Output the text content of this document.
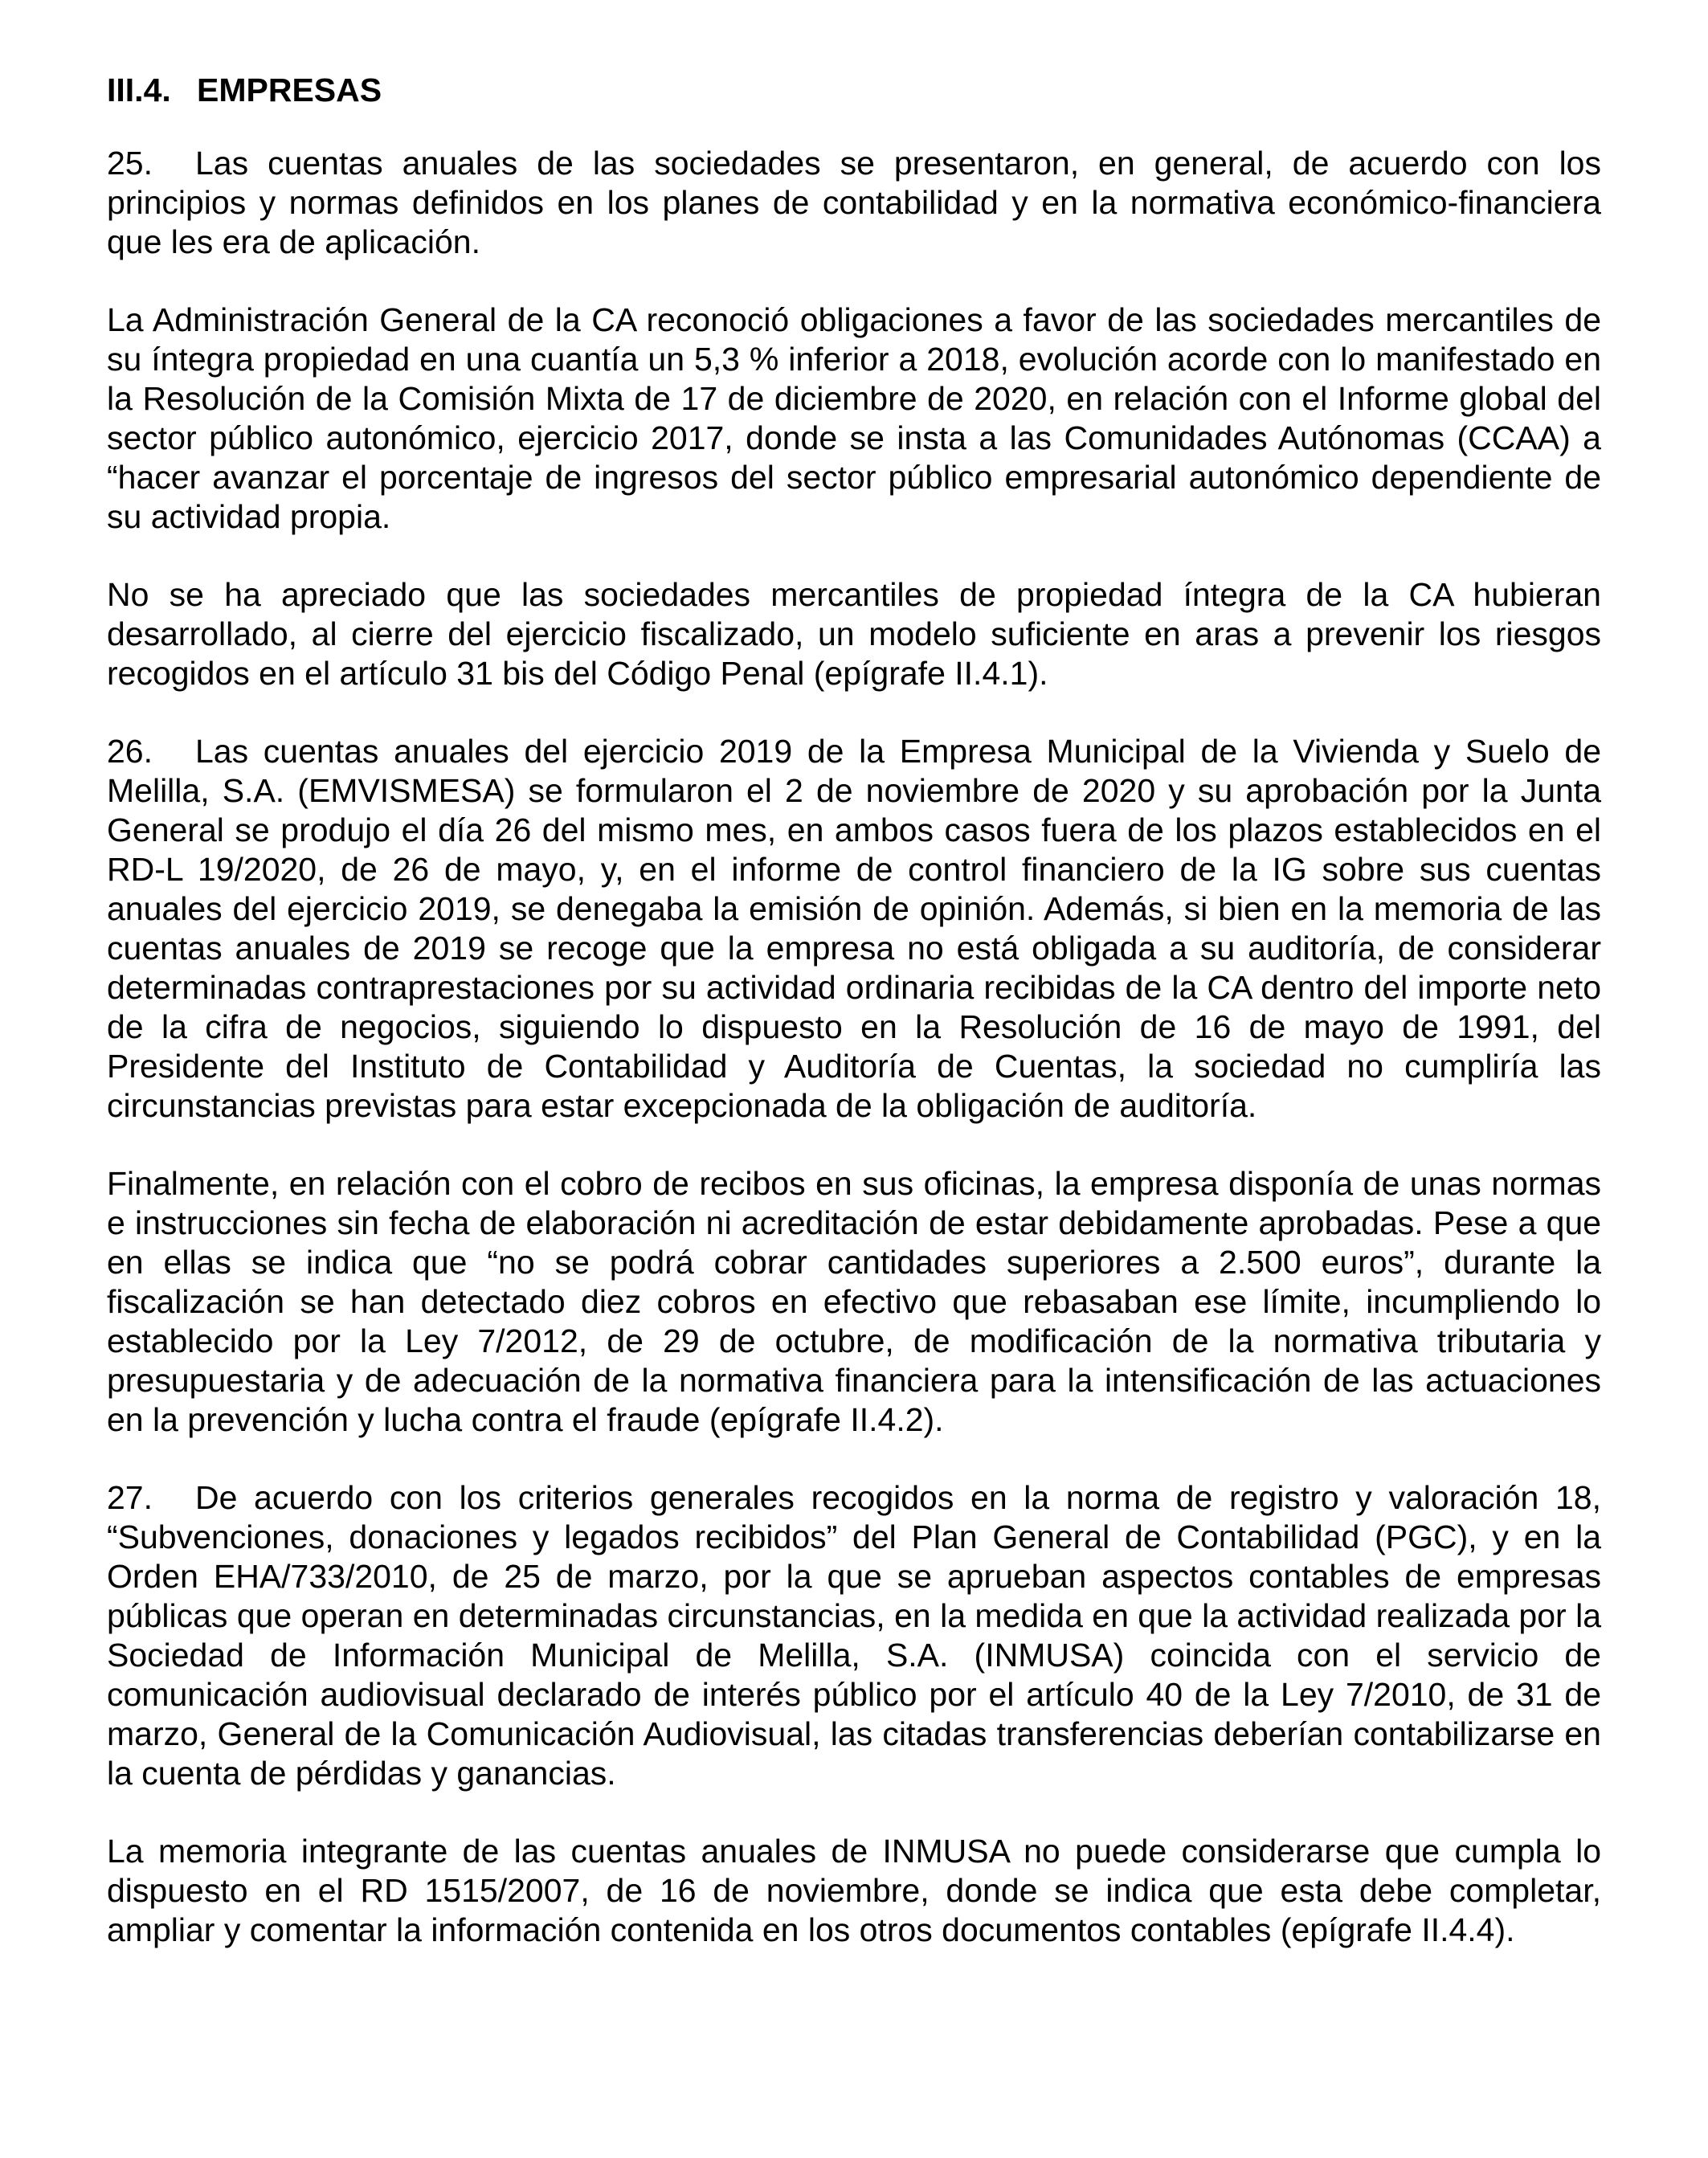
III.4. EMPRESAS

25. Las cuentas anuales de las sociedades se presentaron, en general, de acuerdo con los principios y normas definidos en los planes de contabilidad y en la normativa económico-financiera que les era de aplicación.

La Administración General de la CA reconoció obligaciones a favor de las sociedades mercantiles de su íntegra propiedad en una cuantía un 5,3 % inferior a 2018, evolución acorde con lo manifestado en la Resolución de la Comisión Mixta de 17 de diciembre de 2020, en relación con el Informe global del sector público autonómico, ejercicio 2017, donde se insta a las Comunidades Autónomas (CCAA) a “hacer avanzar el porcentaje de ingresos del sector público empresarial autonómico dependiente de su actividad propia.

No se ha apreciado que las sociedades mercantiles de propiedad íntegra de la CA hubieran desarrollado, al cierre del ejercicio fiscalizado, un modelo suficiente en aras a prevenir los riesgos recogidos en el artículo 31 bis del Código Penal (epígrafe II.4.1).

26. Las cuentas anuales del ejercicio 2019 de la Empresa Municipal de la Vivienda y Suelo de Melilla, S.A. (EMVISMESA) se formularon el 2 de noviembre de 2020 y su aprobación por la Junta General se produjo el día 26 del mismo mes, en ambos casos fuera de los plazos establecidos en el RD-L 19/2020, de 26 de mayo, y, en el informe de control financiero de la IG sobre sus cuentas anuales del ejercicio 2019, se denegaba la emisión de opinión. Además, si bien en la memoria de las cuentas anuales de 2019 se recoge que la empresa no está obligada a su auditoría, de considerar determinadas contraprestaciones por su actividad ordinaria recibidas de la CA dentro del importe neto de la cifra de negocios, siguiendo lo dispuesto en la Resolución de 16 de mayo de 1991, del Presidente del Instituto de Contabilidad y Auditoría de Cuentas, la sociedad no cumpliría las circunstancias previstas para estar excepcionada de la obligación de auditoría.

Finalmente, en relación con el cobro de recibos en sus oficinas, la empresa disponía de unas normas e instrucciones sin fecha de elaboración ni acreditación de estar debidamente aprobadas. Pese a que en ellas se indica que “no se podrá cobrar cantidades superiores a 2.500 euros”, durante la fiscalización se han detectado diez cobros en efectivo que rebasaban ese límite, incumpliendo lo establecido por la Ley 7/2012, de 29 de octubre, de modificación de la normativa tributaria y presupuestaria y de adecuación de la normativa financiera para la intensificación de las actuaciones en la prevención y lucha contra el fraude (epígrafe II.4.2).

27. De acuerdo con los criterios generales recogidos en la norma de registro y valoración 18, “Subvenciones, donaciones y legados recibidos” del Plan General de Contabilidad (PGC), y en la Orden EHA/733/2010, de 25 de marzo, por la que se aprueban aspectos contables de empresas públicas que operan en determinadas circunstancias, en la medida en que la actividad realizada por la Sociedad de Información Municipal de Melilla, S.A. (INMUSA) coincida con el servicio de comunicación audiovisual declarado de interés público por el artículo 40 de la Ley 7/2010, de 31 de marzo, General de la Comunicación Audiovisual, las citadas transferencias deberían contabilizarse en la cuenta de pérdidas y ganancias.

La memoria integrante de las cuentas anuales de INMUSA no puede considerarse que cumpla lo dispuesto en el RD 1515/2007, de 16 de noviembre, donde se indica que esta debe completar, ampliar y comentar la información contenida en los otros documentos contables (epígrafe II.4.4).
